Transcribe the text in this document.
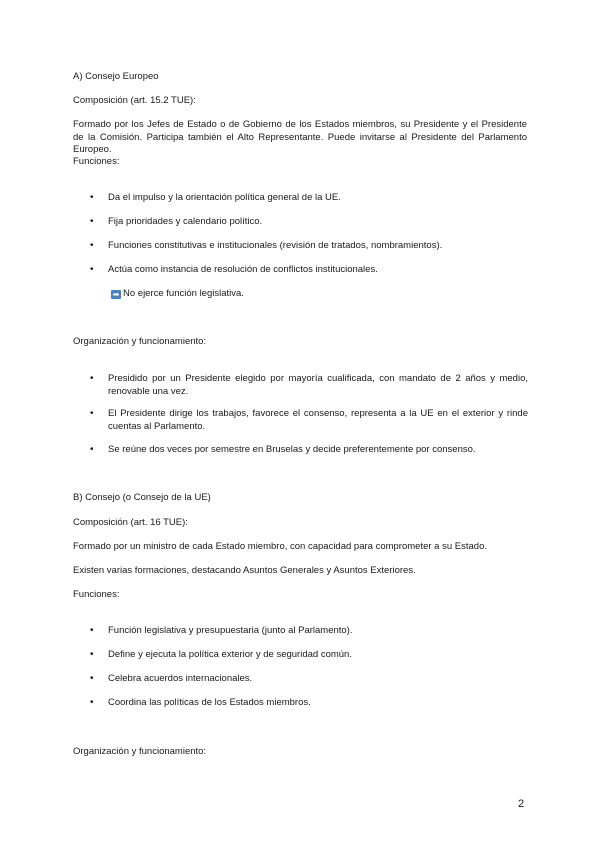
A) Consejo Europeo
Composición (art. 15.2 TUE):
Formado por los Jefes de Estado o de Gobierno de los Estados miembros, su Presidente y el Presidente de la Comisión. Participa también el Alto Representante. Puede invitarse al Presidente del Parlamento Europeo.
Funciones:
•	Da el impulso y la orientación política general de la UE.
•	Fija prioridades y calendario político.
•	Funciones constitutivas e institucionales (revisión de tratados, nombramientos).
•	Actúa como instancia de resolución de conflictos institucionales.
➡ No ejerce función legislativa.
Organización y funcionamiento:
•	Presidido por un Presidente elegido por mayoría cualificada, con mandato de 2 años y medio, renovable una vez.
•	El Presidente dirige los trabajos, favorece el consenso, representa a la UE en el exterior y rinde cuentas al Parlamento.
•	Se reúne dos veces por semestre en Bruselas y decide preferentemente por consenso.
B) Consejo (o Consejo de la UE)
Composición (art. 16 TUE):
Formado por un ministro de cada Estado miembro, con capacidad para comprometer a su Estado.
Existen varias formaciones, destacando Asuntos Generales y Asuntos Exteriores.
Funciones:
•	Función legislativa y presupuestaria (junto al Parlamento).
•	Define y ejecuta la política exterior y de seguridad común.
•	Celebra acuerdos internacionales.
•	Coordina las políticas de los Estados miembros.
Organización y funcionamiento:
2
